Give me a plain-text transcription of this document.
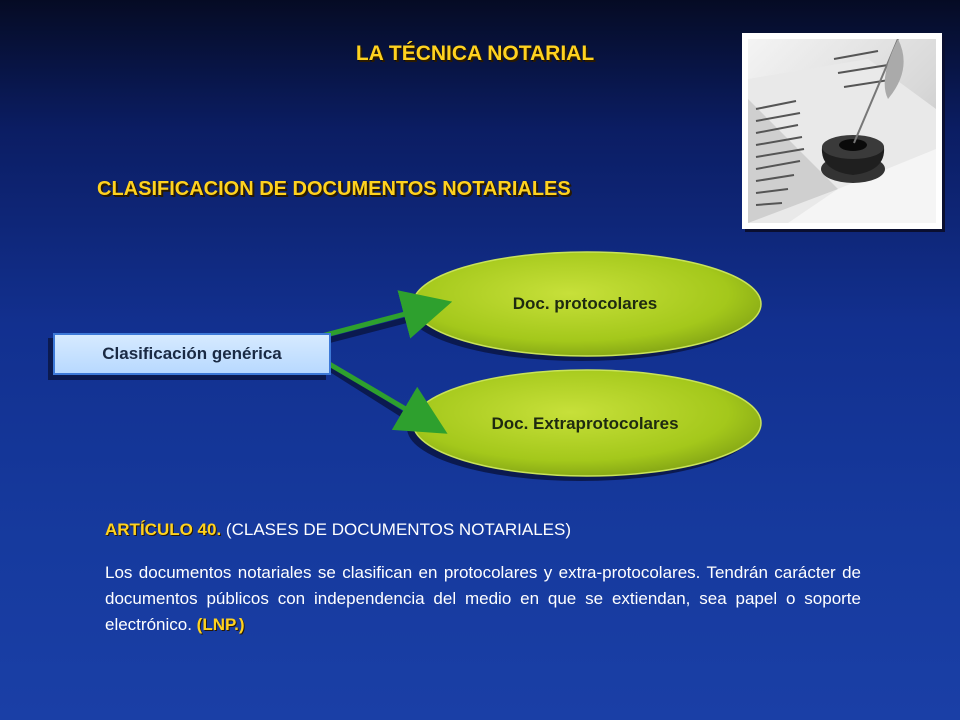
LA TÉCNICA NOTARIAL
CLASIFICACION DE DOCUMENTOS NOTARIALES
Clasificación genérica
Doc. protocolares
Doc. Extraprotocolares
ARTÍCULO 40. (CLASES DE DOCUMENTOS NOTARIALES)
Los documentos notariales se clasifican en protocolares y extra-protocolares. Tendrán carácter de documentos públicos con independencia del medio en que se extiendan, sea papel o soporte electrónico. (LNP.)
